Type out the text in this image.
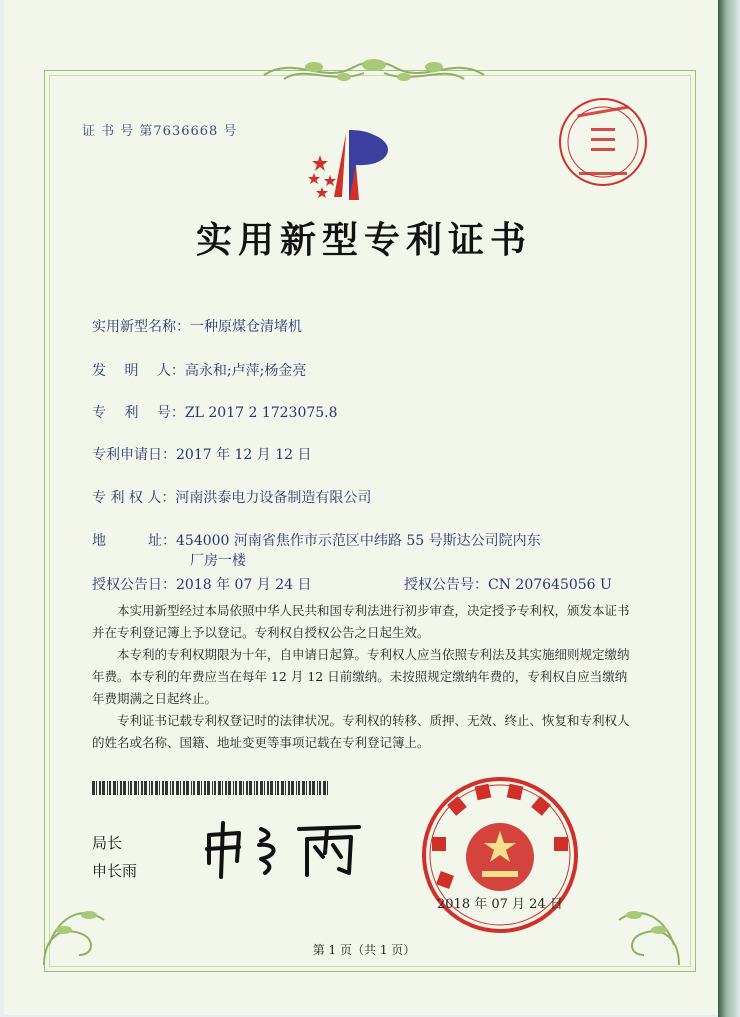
证 书 号 第7636668 号
实用新型专利证书
实用新型名称：一种原煤仓清堵机
发　 明 　人：高永和;卢萍;杨金亮
专　 利 　号：ZL 2017 2 1723075.8
专利申请日：2017 年 12 月 12 日
专 利 权 人：河南洪泰电力设备制造有限公司
地　　　址：454000 河南省焦作市示范区中纬路 55 号斯达公司院内东
厂房一楼
授权公告日：2018 年 07 月 24 日	授权公告号：CN 207645056 U
本实用新型经过本局依照中华人民共和国专利法进行初步审查，决定授予专利权，颁发本证书并在专利登记簿上予以登记。专利权自授权公告之日起生效。
本专利的专利权期限为十年，自申请日起算。专利权人应当依照专利法及其实施细则规定缴纳年费。本专利的年费应当在每年 12 月 12 日前缴纳。未按照规定缴纳年费的，专利权自应当缴纳年费期满之日起终止。
专利证书记载专利权登记时的法律状况。专利权的转移、质押、无效、终止、恢复和专利权人的姓名或名称、国籍、地址变更等事项记载在专利登记簿上。
局长
申长雨
2018 年 07 月 24 日
第 1 页（共 1 页）
